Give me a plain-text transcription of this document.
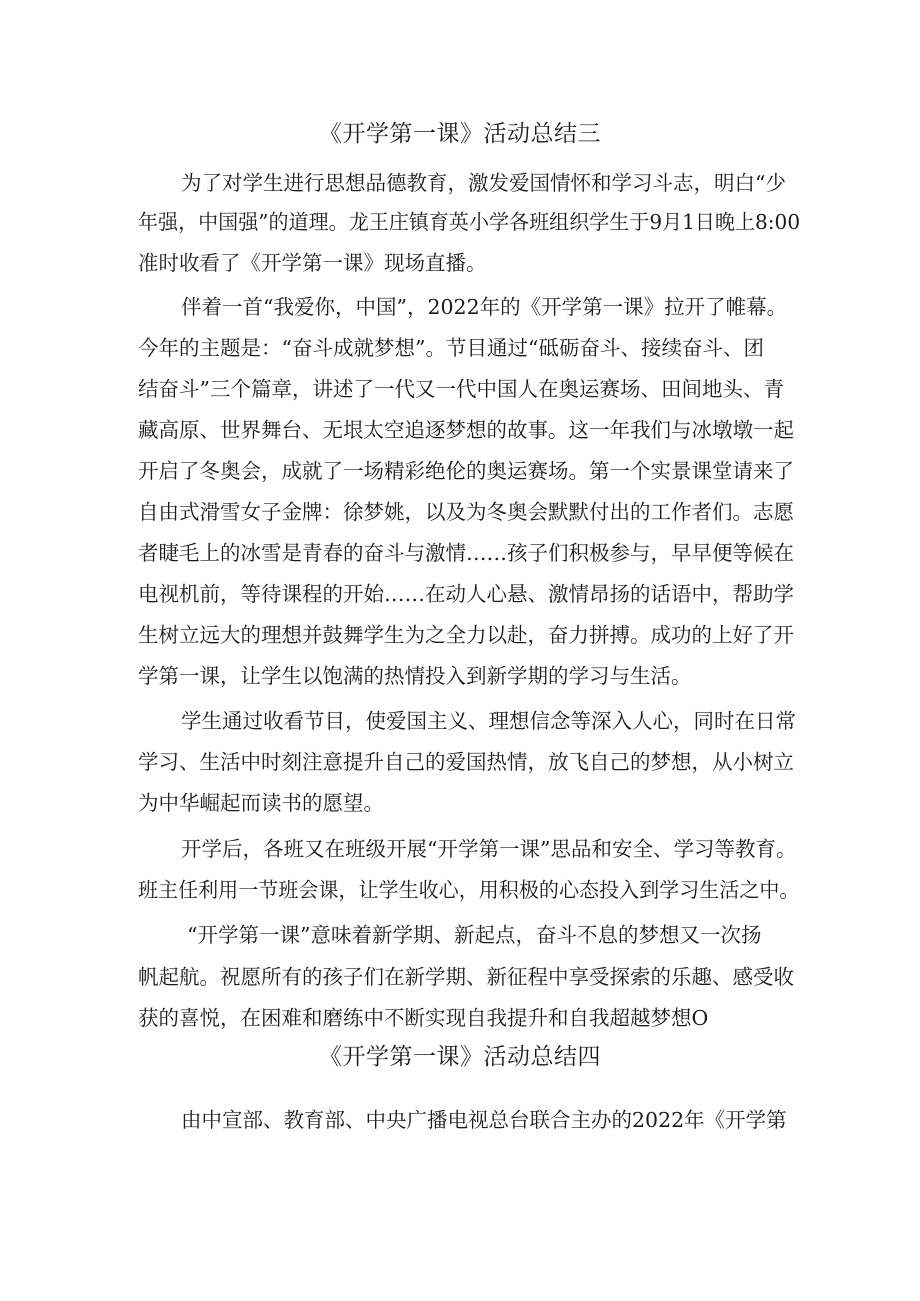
《开学第一课》活动总结三
为了对学生进行思想品德教育，激发爱国情怀和学习斗志，明白“少
年强，中国强”的道理。龙王庄镇育英小学各班组织学生于9月1日晚上8:00
准时收看了《开学第一课》现场直播。
伴着一首“我爱你，中国”，2022年的《开学第一课》拉开了帷幕。
今年的主题是：“奋斗成就梦想”。节目通过“砥砺奋斗、接续奋斗、团
结奋斗”三个篇章，讲述了一代又一代中国人在奥运赛场、田间地头、青
藏高原、世界舞台、无垠太空追逐梦想的故事。这一年我们与冰墩墩一起
开启了冬奥会，成就了一场精彩绝伦的奥运赛场。第一个实景课堂请来了
自由式滑雪女子金牌：徐梦姚，以及为冬奥会默默付出的工作者们。志愿
者睫毛上的冰雪是青春的奋斗与激情……孩子们积极参与，早早便等候在
电视机前，等待课程的开始……在动人心悬、激情昂扬的话语中，帮助学
生树立远大的理想并鼓舞学生为之全力以赴，奋力拼搏。成功的上好了开
学第一课，让学生以饱满的热情投入到新学期的学习与生活。
学生通过收看节目，使爱国主义、理想信念等深入人心，同时在日常
学习、生活中时刻注意提升自己的爱国热情，放飞自己的梦想，从小树立
为中华崛起而读书的愿望。
开学后，各班又在班级开展“开学第一课”思品和安全、学习等教育。
班主任利用一节班会课，让学生收心，用积极的心态投入到学习生活之中。
“开学第一课”意味着新学期、新起点，奋斗不息的梦想又一次扬
帆起航。祝愿所有的孩子们在新学期、新征程中享受探索的乐趣、感受收
获的喜悦，在困难和磨练中不断实现自我提升和自我超越梦想O
《开学第一课》活动总结四
由中宣部、教育部、中央广播电视总台联合主办的2022年《开学第
